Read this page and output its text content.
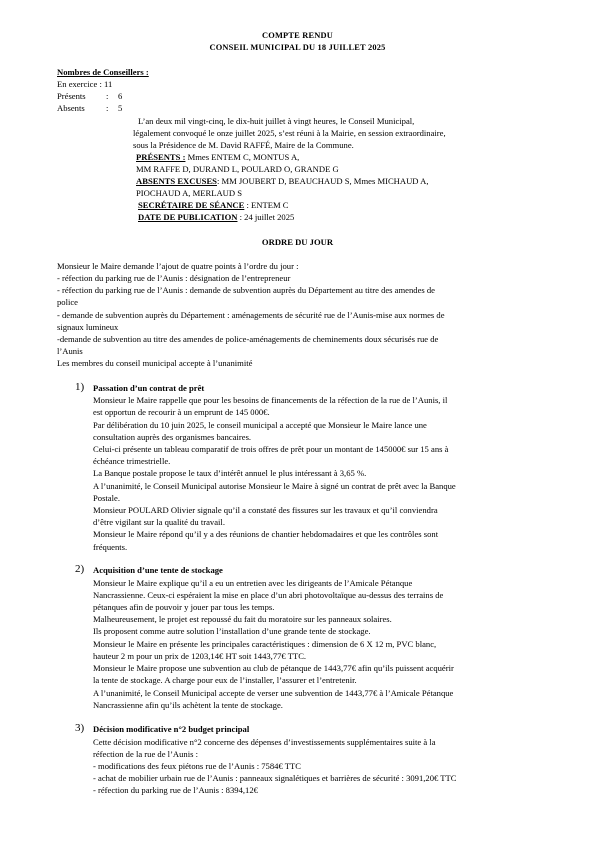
COMPTE RENDU
CONSEIL MUNICIPAL DU 18 JUILLET 2025
Nombres de Conseillers :
En exercice : 11
Présents : 6
Absents : 5
L’an deux mil vingt-cinq, le dix-huit juillet à vingt heures, le Conseil Municipal,
légalement convoqué le onze juillet 2025, s’est réuni à la Mairie, en session extraordinaire,
sous la Présidence de M. David RAFFÉ, Maire de la Commune.
PRÉSENTS : Mmes ENTEM C, MONTUS A,
MM RAFFE D, DURAND L, POULARD O, GRANDE G
ABSENTS EXCUSES: MM JOUBERT D, BEAUCHAUD S, Mmes MICHAUD A,
PIOCHAUD A, MERLAUD S
SECRÉTAIRE DE SÉANCE : ENTEM C
DATE DE PUBLICATION : 24 juillet 2025
ORDRE DU JOUR
Monsieur le Maire demande l’ajout de quatre points à l’ordre du jour :
- réfection du parking rue de l’Aunis : désignation de l’entrepreneur
- réfection du parking rue de l’Aunis : demande de subvention auprès du Département au titre des amendes de
police
- demande de subvention auprès du Département : aménagements de sécurité rue de l’Aunis-mise aux normes de
signaux lumineux
-demande de subvention au titre des amendes de police-aménagements de cheminements doux sécurisés rue de
l’Aunis
Les membres du conseil municipal accepte à l’unanimité
1) Passation d’un contrat de prêt
Monsieur le Maire rappelle que pour les besoins de financements de la réfection de la rue de l’Aunis, il
est opportun de recourir à un emprunt de 145 000€.
Par délibération du 10 juin 2025, le conseil municipal a accepté que Monsieur le Maire lance une
consultation auprès des organismes bancaires.
Celui-ci présente un tableau comparatif de trois offres de prêt pour un montant de 145000€ sur 15 ans à
échéance trimestrielle.
La Banque postale propose le taux d’intérêt annuel le plus intéressant à 3,65 %.
A l’unanimité, le Conseil Municipal autorise Monsieur le Maire à signé un contrat de prêt avec la Banque
Postale.
Monsieur POULARD Olivier signale qu’il a constaté des fissures sur les travaux et qu’il conviendra
d’être vigilant sur la qualité du travail.
Monsieur le Maire répond qu’il y a des réunions de chantier hebdomadaires et que les contrôles sont
fréquents.
2) Acquisition d’une tente de stockage
Monsieur le Maire explique qu’il a eu un entretien avec les dirigeants de l’Amicale Pétanque
Nancrassienne. Ceux-ci espéraient la mise en place d’un abri photovoltaïque au-dessus des terrains de
pétanques afin de pouvoir y jouer par tous les temps.
Malheureusement, le projet est repoussé du fait du moratoire sur les panneaux solaires.
Ils proposent comme autre solution l’installation d’une grande tente de stockage.
Monsieur le Maire en présente les principales caractéristiques : dimension de 6 X 12 m, PVC blanc,
hauteur 2 m pour un prix de 1203,14€ HT soit 1443,77€ TTC.
Monsieur le Maire propose une subvention au club de pétanque de 1443,77€ afin qu’ils puissent acquérir
la tente de stockage. A charge pour eux de l’installer, l’assurer et l’entretenir.
A l’unanimité, le Conseil Municipal accepte de verser une subvention de 1443,77€ à l’Amicale Pétanque
Nancrassienne afin qu’ils achètent la tente de stockage.
3) Décision modificative n°2 budget principal
Cette décision modificative n°2 concerne des dépenses d’investissements supplémentaires suite à la
réfection de la rue de l’Aunis :
- modifications des feux piétons rue de l’Aunis : 7584€ TTC
- achat de mobilier urbain rue de l’Aunis : panneaux signalétiques et barrières de sécurité : 3091,20€ TTC
- réfection du parking rue de l’Aunis : 8394,12€
